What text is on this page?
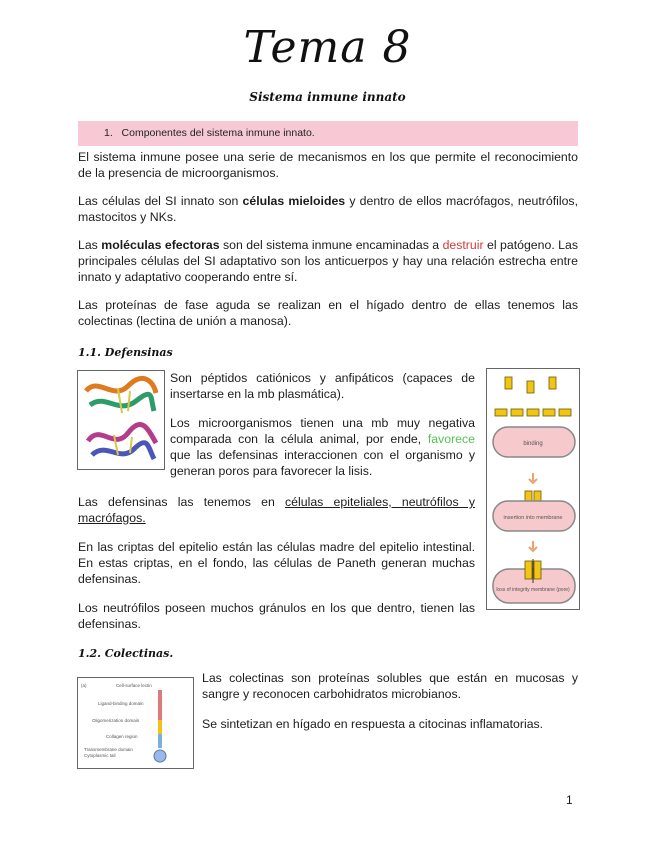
Tema 8
Sistema inmune innato
1. Componentes del sistema inmune innato.
El sistema inmune posee una serie de mecanismos en los que permite el reconocimiento de la presencia de microorganismos.
Las células del SI innato son células mieloides y dentro de ellos macrófagos, neutrófilos, mastocitos y NKs.
Las moléculas efectoras son del sistema inmune encaminadas a destruir el patógeno. Las principales células del SI adaptativo son los anticuerpos y hay una relación estrecha entre innato y adaptativo cooperando entre sí.
Las proteínas de fase aguda se realizan en el hígado dentro de ellas tenemos las colectinas (lectina de unión a manosa).
1.1. Defensinas
Son péptidos catiónicos y anfipáticos (capaces de insertarse en la mb plasmática).
Los microorganismos tienen una mb muy negativa comparada con la célula animal, por ende, favorece que las defensinas interaccionen con el organismo y generan poros para favorecer la lisis.
Las defensinas las tenemos en células epiteliales, neutrófilos y macrófagos.
En las criptas del epitelio están las células madre del epitelio intestinal. En estas criptas, en el fondo, las células de Paneth generan muchas defensinas.
Los neutrófilos poseen muchos gránulos en los que dentro, tienen las defensinas.
binding
insertion into membrane
loss of integrity membrane (pore)
1.2. Colectinas.
(a)	Cell-surface lectin
Ligand-binding domain
Oligomerization domain
Collagen region
Transmembrane domain
Cytoplasmic tail
Las colectinas son proteínas solubles que están en mucosas y sangre y reconocen carbohidratos microbianos.
Se sintetizan en hígado en respuesta a citocinas inflamatorias.
1
